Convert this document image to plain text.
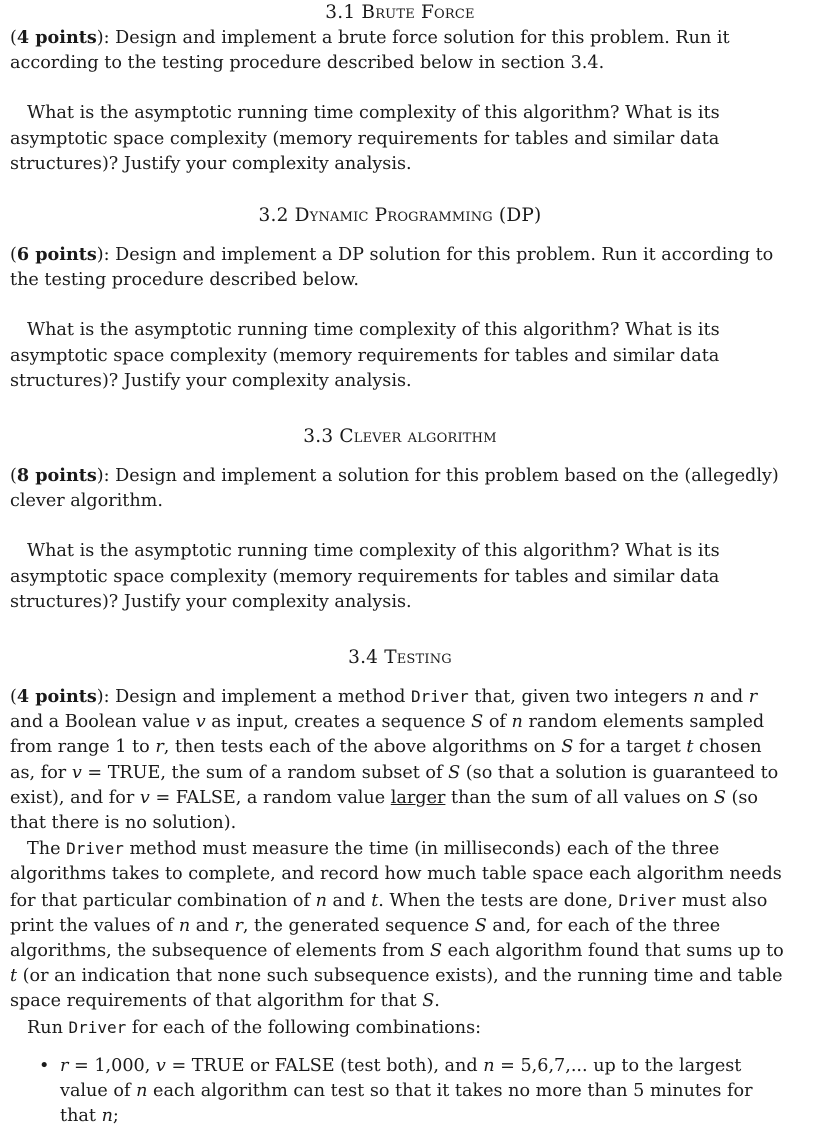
3.1 Brute Force

(4 points): Design and implement a brute force solution for this problem. Run it according to the testing procedure described below in section 3.4.

What is the asymptotic running time complexity of this algorithm? What is its asymptotic space complexity (memory requirements for tables and similar data structures)? Justify your complexity analysis.

3.2 Dynamic Programming (DP)

(6 points): Design and implement a DP solution for this problem. Run it according to the testing procedure described below.

What is the asymptotic running time complexity of this algorithm? What is its asymptotic space complexity (memory requirements for tables and similar data structures)? Justify your complexity analysis.

3.3 Clever algorithm

(8 points): Design and implement a solution for this problem based on the (allegedly) clever algorithm.

What is the asymptotic running time complexity of this algorithm? What is its asymptotic space complexity (memory requirements for tables and similar data structures)? Justify your complexity analysis.

3.4 Testing

(4 points): Design and implement a method Driver that, given two integers n and r and a Boolean value v as input, creates a sequence S of n random elements sampled from range 1 to r, then tests each of the above algorithms on S for a target t chosen as, for v = TRUE, the sum of a random subset of S (so that a solution is guaranteed to exist), and for v = FALSE, a random value larger than the sum of all values on S (so that there is no solution).

The Driver method must measure the time (in milliseconds) each of the three algorithms takes to complete, and record how much table space each algorithm needs for that particular combination of n and t. When the tests are done, Driver must also print the values of n and r, the generated sequence S and, for each of the three algorithms, the subsequence of elements from S each algorithm found that sums up to t (or an indication that none such subsequence exists), and the running time and table space requirements of that algorithm for that S.

Run Driver for each of the following combinations:

• r = 1,000, v = TRUE or FALSE (test both), and n = 5,6,7,... up to the largest value of n each algorithm can test so that it takes no more than 5 minutes for that n;
